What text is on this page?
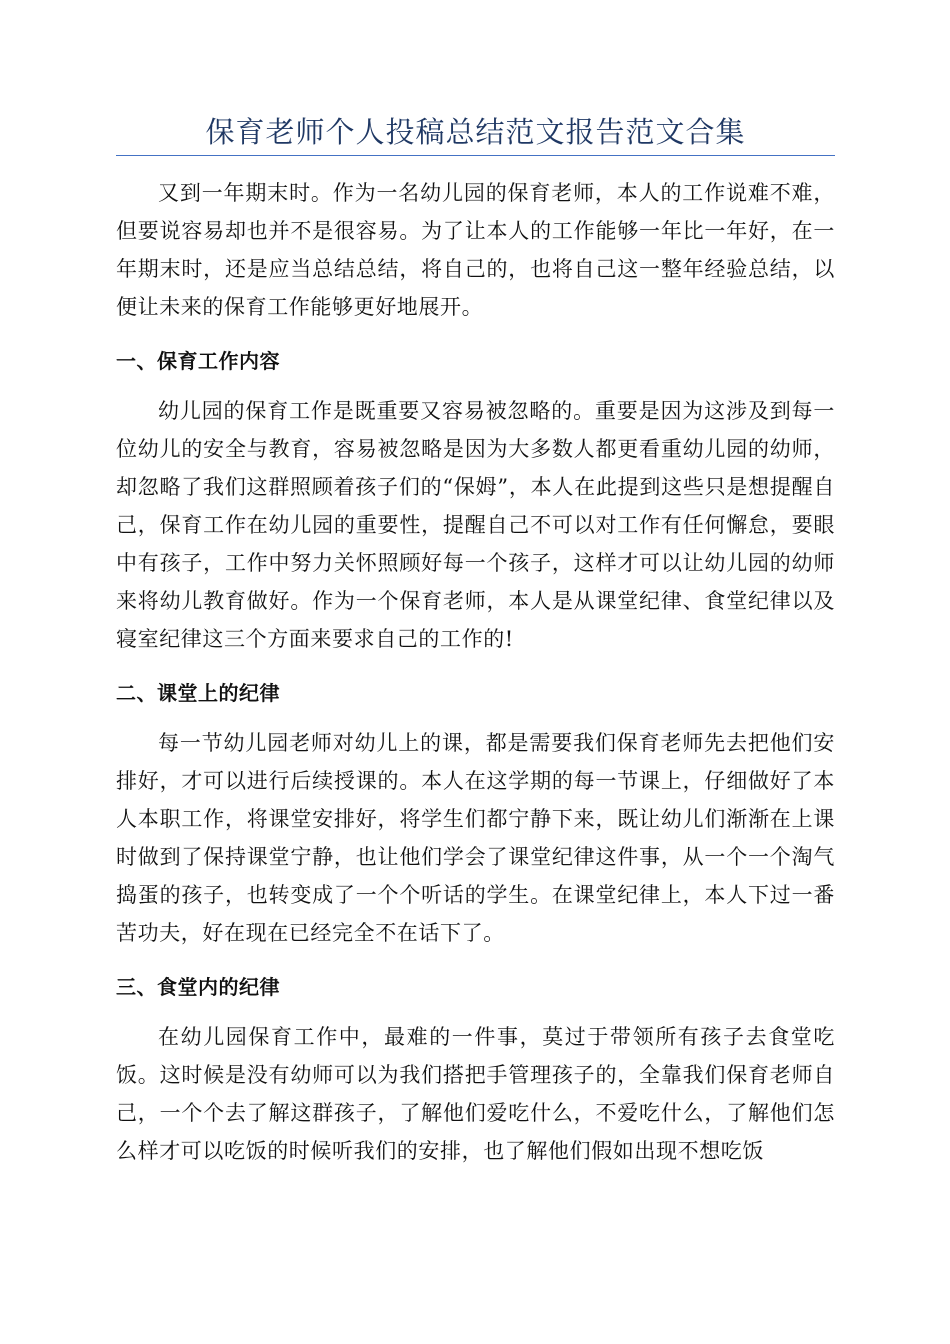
保育老师个人投稿总结范文报告范文合集

又到一年期末时。作为一名幼儿园的保育老师，本人的工作说难不难，但要说容易却也并不是很容易。为了让本人的工作能够一年比一年好，在一年期末时，还是应当总结总结，将自己的，也将自己这一整年经验总结，以便让未来的保育工作能够更好地展开。

一、保育工作内容

幼儿园的保育工作是既重要又容易被忽略的。重要是因为这涉及到每一位幼儿的安全与教育，容易被忽略是因为大多数人都更看重幼儿园的幼师，却忽略了我们这群照顾着孩子们的“保姆”，本人在此提到这些只是想提醒自己，保育工作在幼儿园的重要性，提醒自己不可以对工作有任何懈怠，要眼中有孩子，工作中努力关怀照顾好每一个孩子，这样才可以让幼儿园的幼师来将幼儿教育做好。作为一个保育老师，本人是从课堂纪律、食堂纪律以及寝室纪律这三个方面来要求自己的工作的!

二、课堂上的纪律

每一节幼儿园老师对幼儿上的课，都是需要我们保育老师先去把他们安排好，才可以进行后续授课的。本人在这学期的每一节课上，仔细做好了本人本职工作，将课堂安排好，将学生们都宁静下来，既让幼儿们渐渐在上课时做到了保持课堂宁静，也让他们学会了课堂纪律这件事，从一个一个淘气捣蛋的孩子，也转变成了一个个听话的学生。在课堂纪律上，本人下过一番苦功夫，好在现在已经完全不在话下了。

三、食堂内的纪律

在幼儿园保育工作中，最难的一件事，莫过于带领所有孩子去食堂吃饭。这时候是没有幼师可以为我们搭把手管理孩子的，全靠我们保育老师自己，一个个去了解这群孩子，了解他们爱吃什么，不爱吃什么，了解他们怎么样才可以吃饭的时候听我们的安排，也了解他们假如出现不想吃饭
